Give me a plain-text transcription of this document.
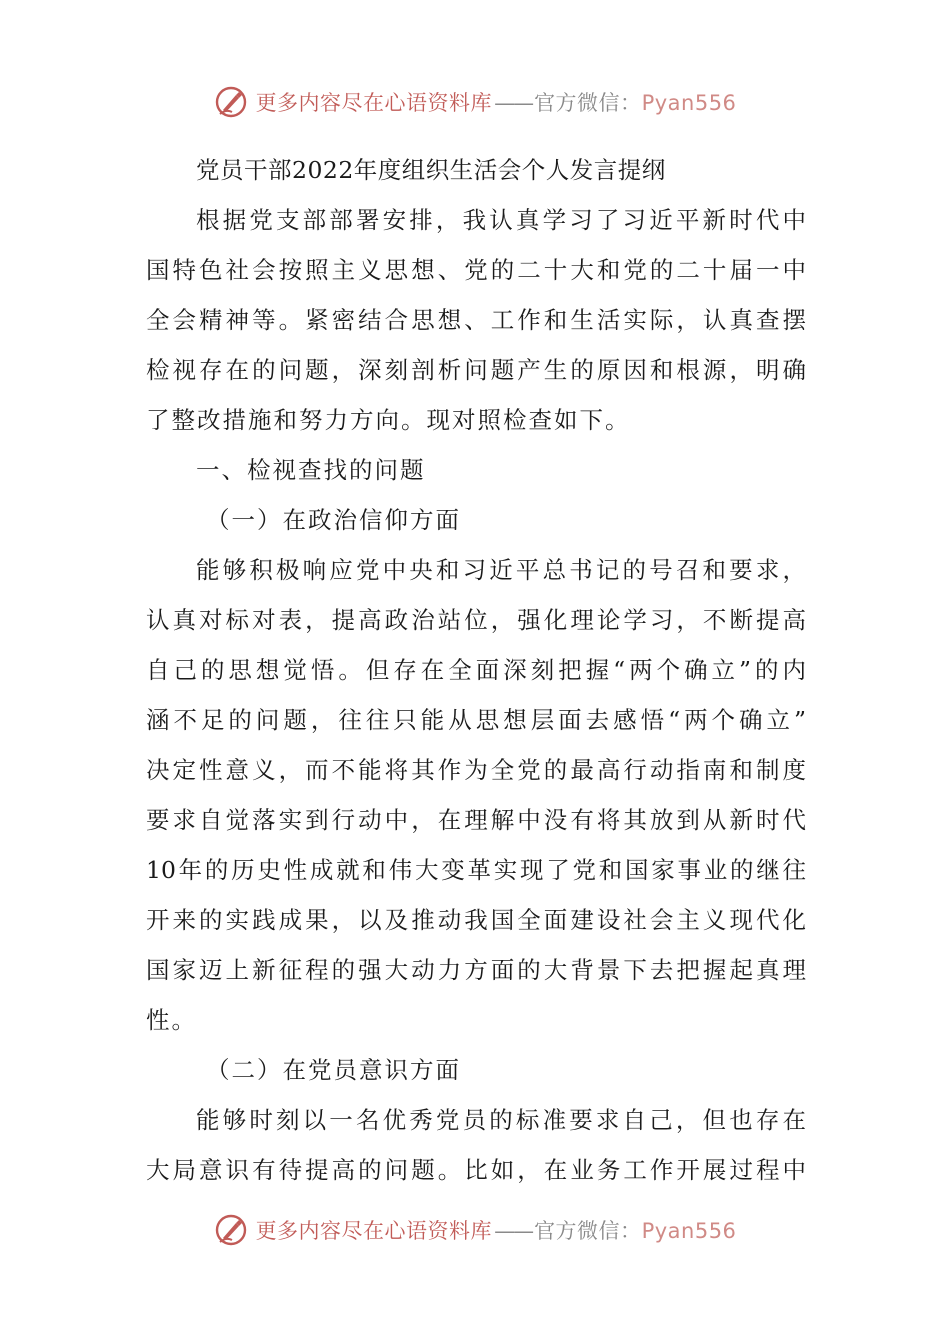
更多内容尽在心语资料库——官方微信：Pyan556
党员干部2022年度组织生活会个人发言提纲
根据党支部部署安排，我认真学习了习近平新时代中
国特色社会按照主义思想、党的二十大和党的二十届一中
全会精神等。紧密结合思想、工作和生活实际，认真查摆
检视存在的问题，深刻剖析问题产生的原因和根源，明确
了整改措施和努力方向。现对照检查如下。
一、检视查找的问题
（一）在政治信仰方面
能够积极响应党中央和习近平总书记的号召和要求，
认真对标对表，提高政治站位，强化理论学习，不断提高
自己的思想觉悟。但存在全面深刻把握“两个确立”的内
涵不足的问题，往往只能从思想层面去感悟“两个确立”
决定性意义，而不能将其作为全党的最高行动指南和制度
要求自觉落实到行动中，在理解中没有将其放到从新时代
10年的历史性成就和伟大变革实现了党和国家事业的继往
开来的实践成果，以及推动我国全面建设社会主义现代化
国家迈上新征程的强大动力方面的大背景下去把握起真理
性。
（二）在党员意识方面
能够时刻以一名优秀党员的标准要求自己，但也存在
大局意识有待提高的问题。比如，在业务工作开展过程中
更多内容尽在心语资料库——官方微信：Pyan556
